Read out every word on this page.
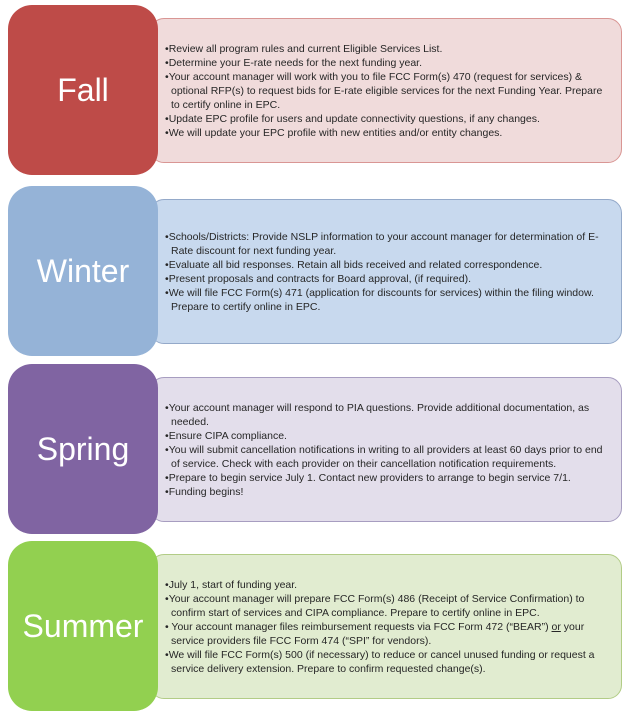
Fall
• Review all program rules and current Eligible Services List.
• Determine your E-rate needs for the next funding year.
• Your account manager will work with you to file FCC Form(s) 470 (request for services) & optional RFP(s) to request bids for E-rate eligible services for the next Funding Year. Prepare to certify online in EPC.
• Update EPC profile for users and update connectivity questions, if any changes.
• We will update your EPC profile with new entities and/or entity changes.
Winter
• Schools/Districts: Provide NSLP information to your account manager for determination of E-Rate discount for next funding year.
• Evaluate all bid responses. Retain all bids received and related correspondence.
• Present proposals and contracts for Board approval, (if required).
• We will file FCC Form(s) 471 (application for discounts for services) within the filing window. Prepare to certify online in EPC.
Spring
• Your account manager will respond to PIA questions. Provide additional documentation, as needed.
• Ensure CIPA compliance.
• You will submit cancellation notifications in writing to all providers at least 60 days prior to end of service. Check with each provider on their cancellation notification requirements.
• Prepare to begin service July 1. Contact new providers to arrange to begin service 7/1.
• Funding begins!
Summer
• July 1, start of funding year.
• Your account manager will prepare FCC Form(s) 486 (Receipt of Service Confirmation) to confirm start of services and CIPA compliance. Prepare to certify online in EPC.
• Your account manager files reimbursement requests via FCC Form 472 (“BEAR”) or your service providers file FCC Form 474 (“SPI” for vendors).
• We will file FCC Form(s) 500 (if necessary) to reduce or cancel unused funding or request a service delivery extension. Prepare to confirm requested change(s).
